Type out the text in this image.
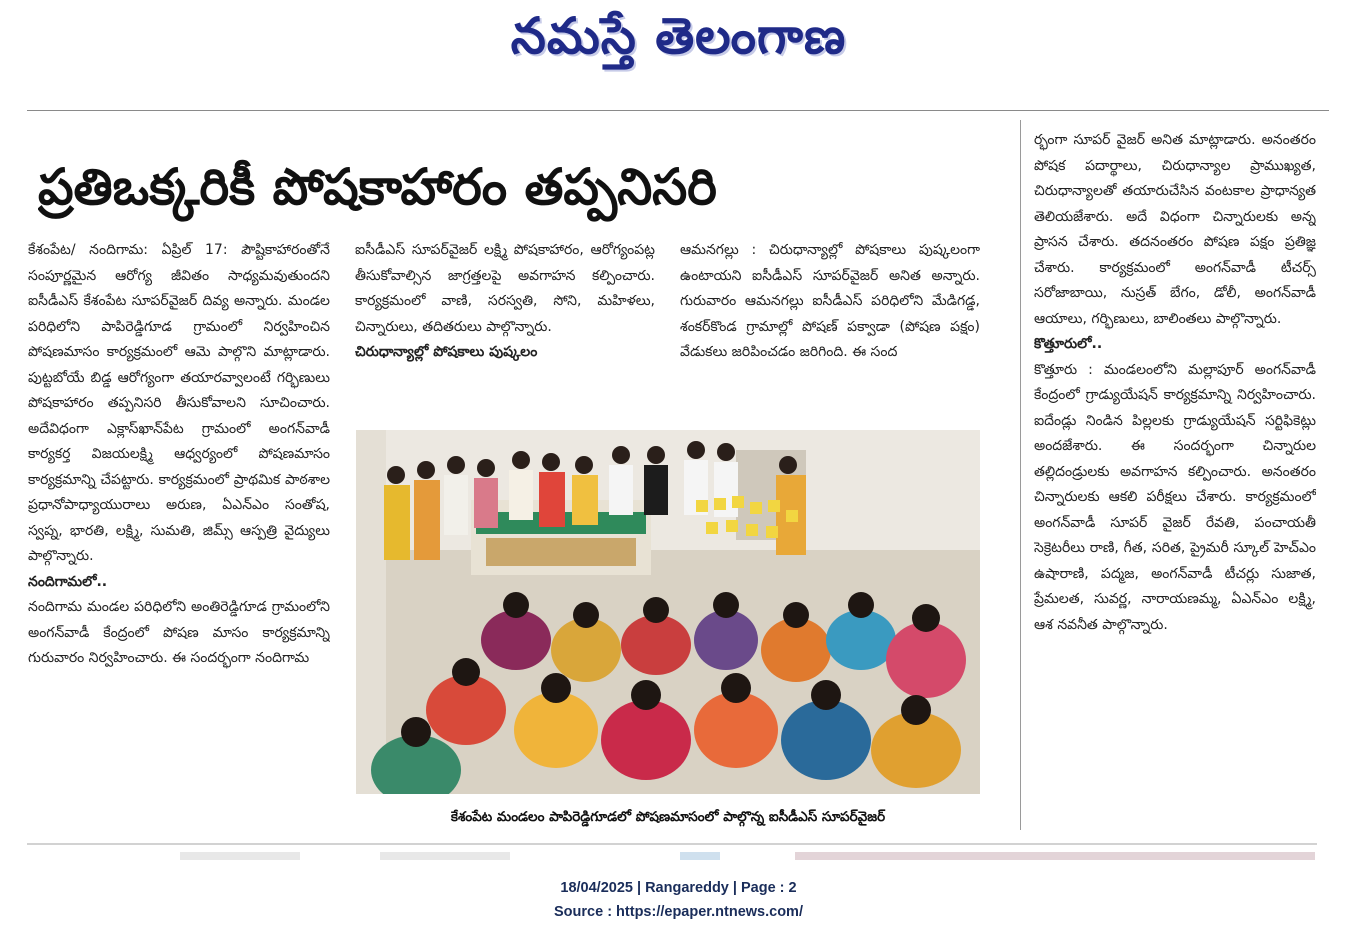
నమస్తే తెలంగాణ
ప్రతిఒక్కరికీ పోషకాహారం తప్పనిసరి

కేశంపేట/ నందిగామ: ఏప్రిల్ 17: పౌష్టికాహారంతోనే సంపూర్ణమైన ఆరోగ్య జీవితం సాధ్యమవుతుందని ఐసీడీఎస్ కేశంపేట సూపర్‌వైజర్ దివ్య అన్నారు. మండల పరిధిలోని పాపిరెడ్డిగూడ గ్రామంలో నిర్వహించిన పోషణమాసం కార్యక్రమంలో ఆమె పాల్గొని మాట్లాడారు. పుట్టబోయే బిడ్డ ఆరోగ్యంగా తయారవ్వాలంటే గర్భిణులు పోషకాహారం తప్పనిసరి తీసుకోవాలని సూచించారు. అదేవిధంగా ఎక్లాస్‌ఖాన్‌పేట గ్రామంలో అంగన్‌వాడీ కార్యకర్త విజయలక్ష్మి ఆధ్వర్యంలో పోషణమాసం కార్యక్రమాన్ని చేపట్టారు. కార్యక్రమంలో ప్రాథమిక పాఠశాల ప్రధానోపాధ్యాయురాలు అరుణ, ఏఎన్‌ఎం సంతోష, స్వప్న, భారతి, లక్ష్మి, సుమతి, జిమ్స్ ఆస్పత్రి వైద్యులు పాల్గొన్నారు.

నందిగామలో..

నందిగామ మండల పరిధిలోని అంతిరెడ్డిగూడ గ్రామంలోని అంగన్‌వాడీ కేంద్రంలో పోషణ మాసం కార్యక్రమాన్ని గురువారం నిర్వహించారు. ఈ సందర్భంగా నందిగామ

ఐసీడీఎస్ సూపర్‌వైజర్ లక్ష్మి పోషకాహారం, ఆరోగ్యంపట్ల తీసుకోవాల్సిన జాగ్రత్తలపై అవగాహన కల్పించారు. కార్యక్రమంలో వాణి, సరస్వతి, సోని, మహిళలు, చిన్నారులు, తదితరులు పాల్గొన్నారు.

చిరుధాన్యాల్లో పోషకాలు పుష్కలం

ఆమనగల్లు : చిరుధాన్యాల్లో పోషకాలు పుష్కలంగా ఉంటాయని ఐసీడీఎస్ సూపర్‌వైజర్ అనిత అన్నారు. గురువారం ఆమనగల్లు ఐసీడీఎస్ పరిధిలోని మేడిగడ్డ, శంకర్‌కొండ గ్రామాల్లో పోషణ్ పక్వాడా (పోషణ పక్షం) వేడుకలు జరిపించడం జరిగింది. ఈ సంద

ర్భంగా సూపర్ వైజర్ అనిత మాట్లాడారు. అనంతరం పోషక పదార్థాలు, చిరుధాన్యాల ప్రాముఖ్యత, చిరుధాన్యాలతో తయారుచేసిన వంటకాల ప్రాధాన్యత తెలియజేశారు. అదే విధంగా చిన్నారులకు అన్న ప్రాసన చేశారు. తదనంతరం పోషణ పక్షం ప్రతిజ్ఞ చేశారు. కార్యక్రమంలో అంగన్‌వాడీ టీచర్స్ సరోజాబాయి, నుస్రత్ బేగం, డోలీ, అంగన్‌వాడీ ఆయాలు, గర్భిణులు, బాలింతలు పాల్గొన్నారు.

కొత్తూరులో..

కొత్తూరు : మండలంలోని మల్లాపూర్ అంగన్‌వాడీ కేంద్రంలో గ్రాడ్యుయేషన్ కార్యక్రమాన్ని నిర్వహించారు. ఐదేండ్లు నిండిన పిల్లలకు గ్రాడ్యుయేషన్ సర్టిఫికెట్లు అందజేశారు. ఈ సందర్భంగా చిన్నారుల తల్లిదండ్రులకు అవగాహన కల్పించారు. అనంతరం చిన్నారులకు ఆకలి పరీక్షలు చేశారు. కార్యక్రమంలో అంగన్‌వాడీ సూపర్ వైజర్ రేవతి, పంచాయతీ సెక్రెటరీలు రాణి, గీత, సరిత, ప్రైమరీ స్కూల్ హెచ్‌ఎం ఉషారాణి, పద్మజ, అంగన్‌వాడీ టీచర్లు సుజాత, ప్రేమలత, సువర్ణ, నారాయణమ్మ, ఏఎన్‌ఎం లక్ష్మి, ఆశ నవనీత పాల్గొన్నారు.

కేశంపేట మండలం పాపిరెడ్డిగూడలో పోషణమాసంలో పాల్గొన్న ఐసీడీఎస్ సూపర్‌వైజర్
18/04/2025 | Rangareddy | Page : 2
Source : https://epaper.ntnews.com/
